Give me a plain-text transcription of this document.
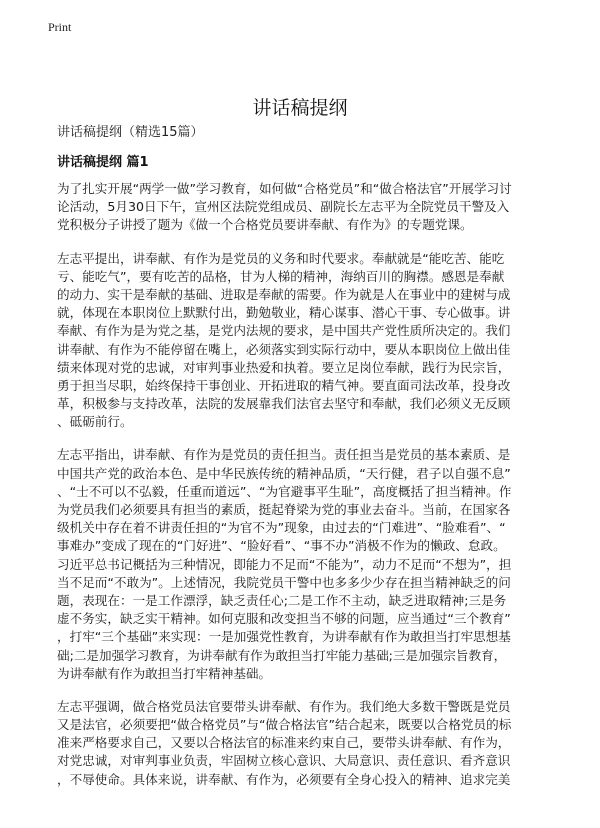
Print
讲话稿提纲
讲话稿提纲（精选15篇）
讲话稿提纲 篇1
为了扎实开展“两学一做”学习教育，如何做“合格党员”和“做合格法官”开展学习讨
论活动，5月30日下午，宣州区法院党组成员、副院长左志平为全院党员干警及入
党积极分子讲授了题为《做一个合格党员要讲奉献、有作为》的专题党课。
左志平提出，讲奉献、有作为是党员的义务和时代要求。奉献就是“能吃苦、能吃
亏、能吃气”，要有吃苦的品格，甘为人梯的精神，海纳百川的胸襟。感恩是奉献
的动力、实干是奉献的基础、进取是奉献的需要。作为就是人在事业中的建树与成
就，体现在本职岗位上默默付出，勤勉敬业，精心谋事、潜心干事、专心做事。讲
奉献、有作为是为党之基，是党内法规的要求，是中国共产党性质所决定的。我们
讲奉献、有作为不能停留在嘴上，必须落实到实际行动中，要从本职岗位上做出佳
绩来体现对党的忠诚，对审判事业热爱和执着。要立足岗位奉献，践行为民宗旨，
勇于担当尽职，始终保持干事创业、开拓进取的精气神。要直面司法改革，投身改
革，积极参与支持改革，法院的发展靠我们法官去坚守和奉献，我们必须义无反顾
、砥砺前行。
左志平指出，讲奉献、有作为是党员的责任担当。责任担当是党员的基本素质、是
中国共产党的政治本色、是中华民族传统的精神品质，“天行健，君子以自强不息”
、“士不可以不弘毅，任重而道远”、“为官避事平生耻”，高度概括了担当精神。作
为党员我们必须要具有担当的素质，挺起脊梁为党的事业去奋斗。当前，在国家各
级机关中存在着不讲责任担的“为官不为”现象，由过去的“门难进”、“脸难看”、“
事难办”变成了现在的“门好进”、“脸好看”、“事不办”消极不作为的懒政、怠政。
习近平总书记概括为三种情况，即能力不足而“不能为”，动力不足而“不想为”，担
当不足而“不敢为”。上述情况，我院党员干警中也多多少少存在担当精神缺乏的问
题，表现在：一是工作漂浮，缺乏责任心;二是工作不主动，缺乏进取精神;三是务
虚不务实，缺乏实干精神。如何克服和改变担当不够的问题，应当通过“三个教育”
，打牢“三个基础”来实现：一是加强党性教育，为讲奉献有作为敢担当打牢思想基
础;二是加强学习教育，为讲奉献有作为敢担当打牢能力基础;三是加强宗旨教育，
为讲奉献有作为敢担当打牢精神基础。
左志平强调，做合格党员法官要带头讲奉献、有作为。我们绝大多数干警既是党员
又是法官，必须要把“做合格党员”与“做合格法官”结合起来，既要以合格党员的标
准来严格要求自己，又要以合格法官的标准来约束自己，要带头讲奉献、有作为，
对党忠诚，对审判事业负责，牢固树立核心意识、大局意识、责任意识、看齐意识
，不辱使命。具体来说，讲奉献、有作为，必须要有全身心投入的精神、追求完美
